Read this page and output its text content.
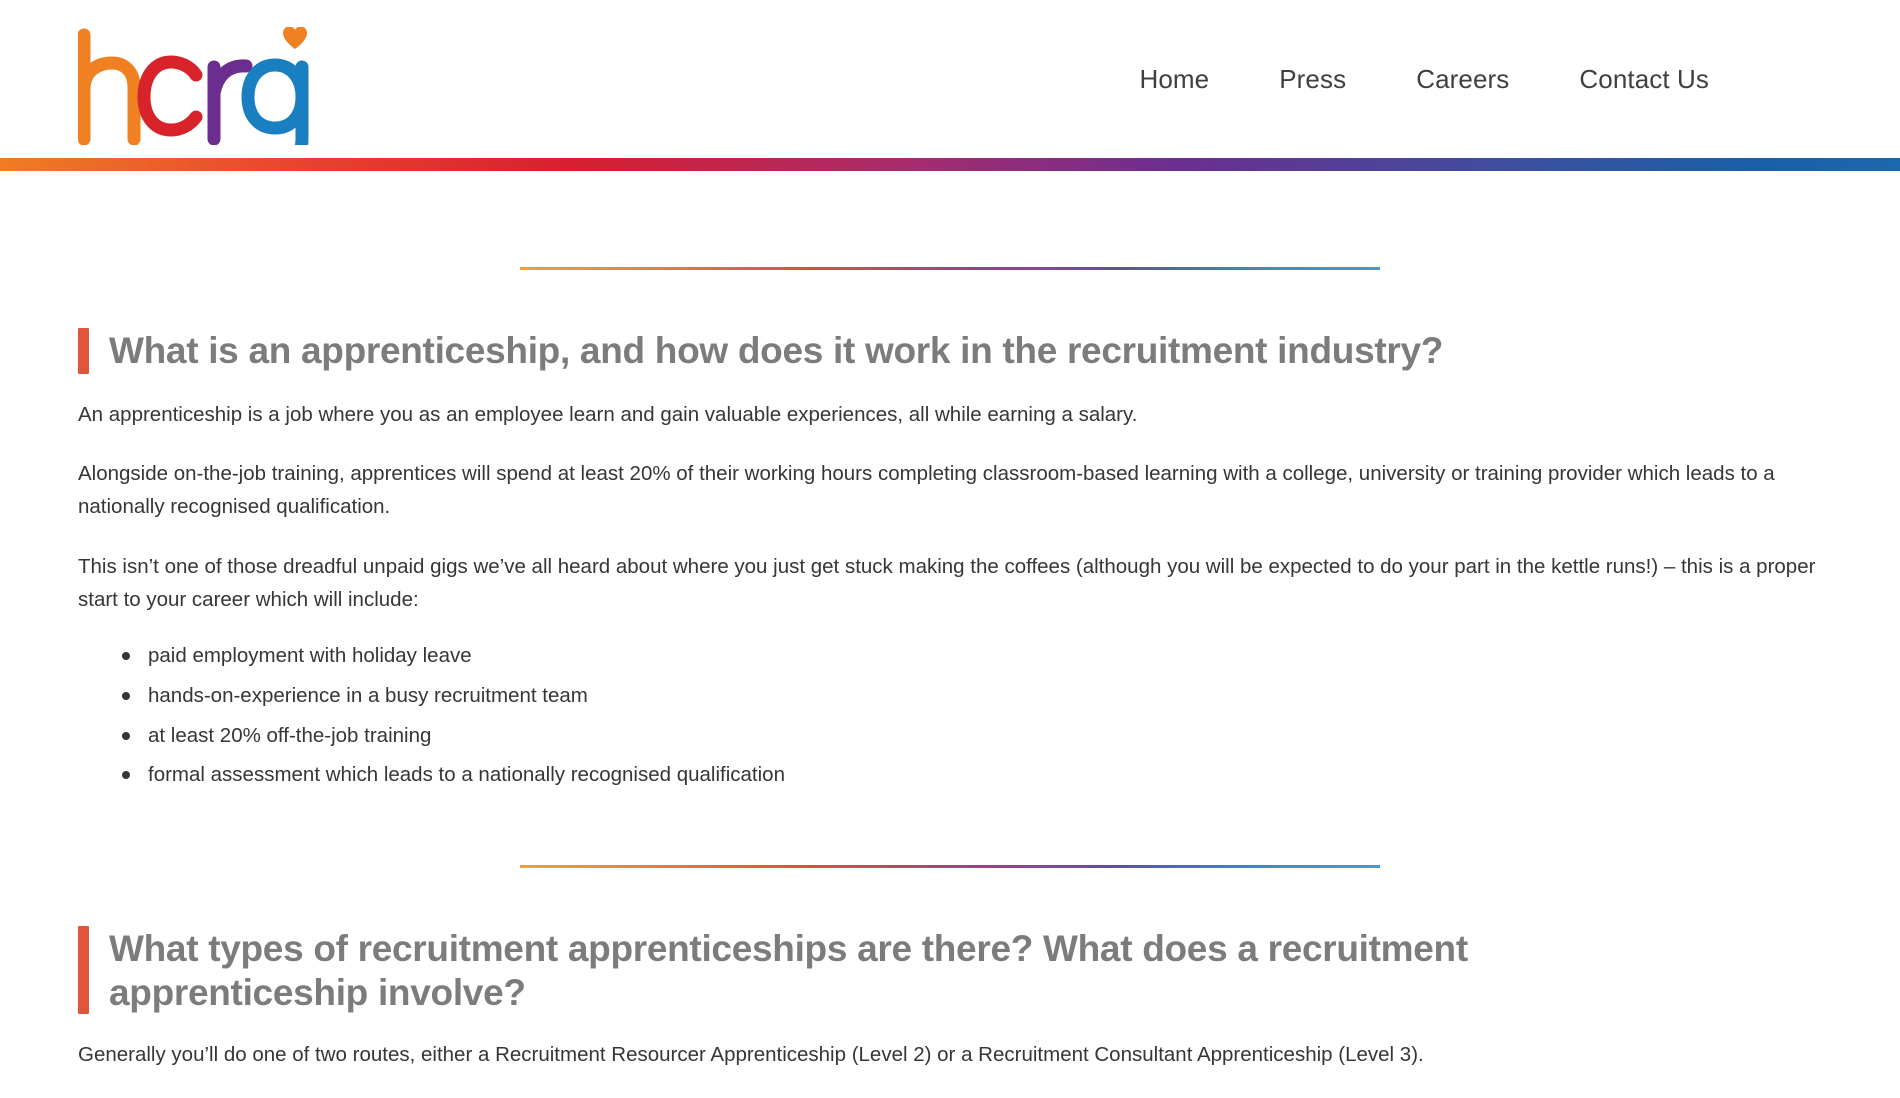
Home	Press	Careers	Contact Us
What is an apprenticeship, and how does it work in the recruitment industry?

An apprenticeship is a job where you as an employee learn and gain valuable experiences, all while earning a salary.

Alongside on-the-job training, apprentices will spend at least 20% of their working hours completing classroom-based learning with a college, university or training provider which leads to a nationally recognised qualification.

This isn’t one of those dreadful unpaid gigs we’ve all heard about where you just get stuck making the coffees (although you will be expected to do your part in the kettle runs!) – this is a proper start to your career which will include:

paid employment with holiday leave
hands-on-experience in a busy recruitment team
at least 20% off-the-job training
formal assessment which leads to a nationally recognised qualification
What types of recruitment apprenticeships are there? What does a recruitment apprenticeship involve?

Generally you’ll do one of two routes, either a Recruitment Resourcer Apprenticeship (Level 2) or a Recruitment Consultant Apprenticeship (Level 3).
